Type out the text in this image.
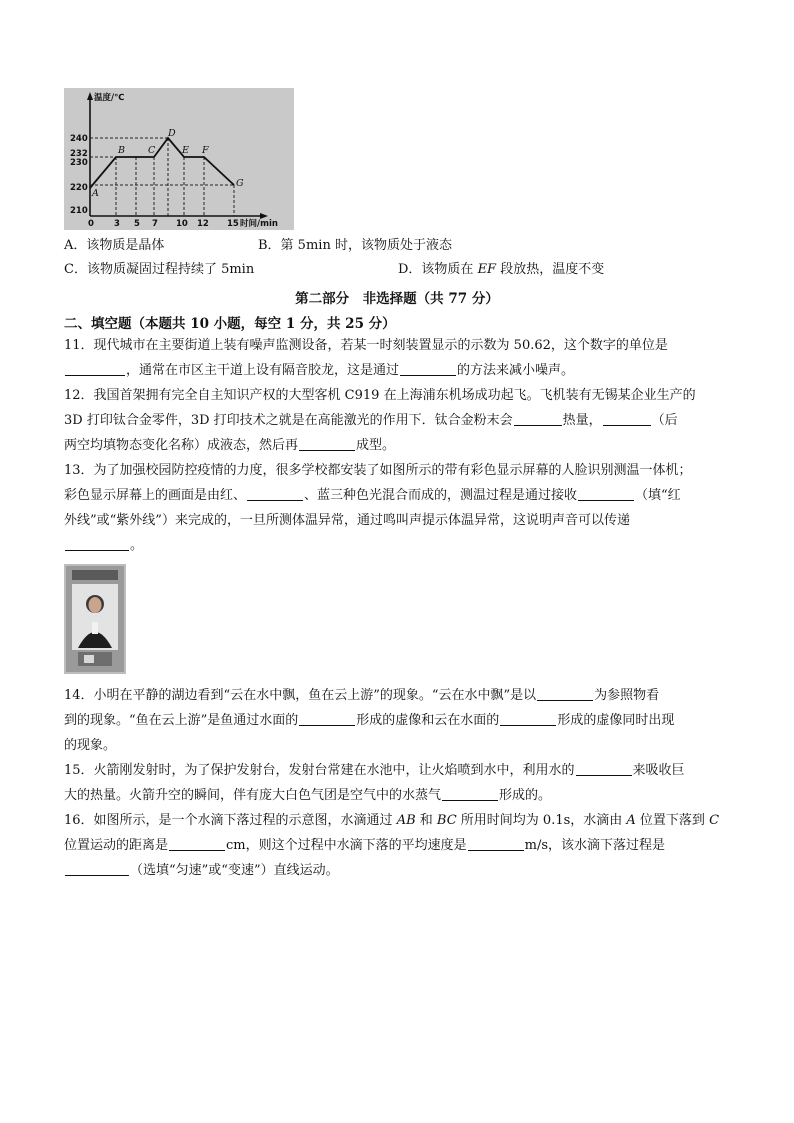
温度/℃
时间/min
240
232
230
220
210
0 3 5 7 10 12 15
A
B C
D
E F
G
A．该物质是晶体	B．第 5min 时，该物质处于液态
C．该物质凝固过程持续了 5min	D．该物质在 EF 段放热，温度不变
第二部分　非选择题（共 77 分）
二、填空题（本题共 10 小题，每空 1 分，共 25 分）

11．现代城市在主要街道上装有噪声监测设备，若某一时刻装置显示的示数为 50.62，这个数字的单位是

，通常在市区主干道上设有隔音胶龙，这是通过	的方法来减小噪声。

12．我国首架拥有完全自主知识产权的大型客机 C919 在上海浦东机场成功起飞。飞机装有无锡某企业生产的

3D 打印钛合金零件，3D 打印技术之就是在高能激光的作用下．钛合金粉末会	热量，	（后

两空均填物态变化名称）成液态，然后再	成型。

13．为了加强校园防控疫情的力度，很多学校都安装了如图所示的带有彩色显示屏幕的人脸识别测温一体机；

彩色显示屏幕上的画面是由红、	、蓝三种色光混合而成的，测温过程是通过接收	（填“红

外线”或“紫外线”）来完成的，一旦所测体温异常，通过鸣叫声提示体温异常，这说明声音可以传递

。

14．小明在平静的湖边看到“云在水中飘，鱼在云上游”的现象。“云在水中飘”是以	为参照物看

到的现象。“鱼在云上游”是鱼通过水面的	形成的虚像和云在水面的	形成的虚像同时出现

的现象。

15．火箭刚发射时，为了保护发射台，发射台常建在水池中，让火焰喷到水中，利用水的	来吸收巨

大的热量。火箭升空的瞬间，伴有庞大白色气团是空气中的水蒸气	形成的。

16．如图所示，是一个水滴下落过程的示意图，水滴通过 AB 和 BC 所用时间均为 0.1s，水滴由 A 位置下落到 C

位置运动的距离是	cm，则这个过程中水滴下落的平均速度是	m/s，该水滴下落过程是

（选填“匀速”或“变速”）直线运动。
